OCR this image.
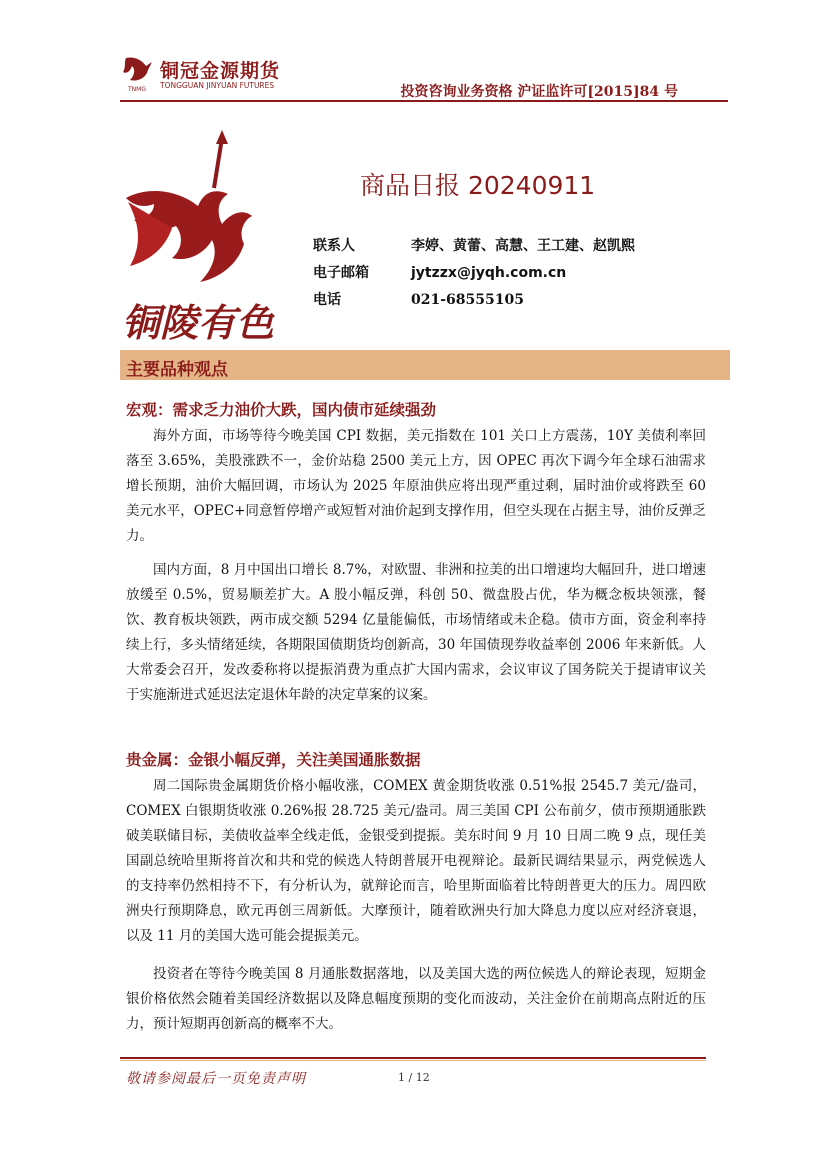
铜冠金源期货
TONGGUAN JINYUAN FUTURES
TNMG	投资咨询业务资格 沪证监许可[2015]84 号
铜陵有色
商品日报 20240911
联系人	李婷、黄蕾、高慧、王工建、赵凯熙
电子邮箱	jytzzx@jyqh.com.cn
电话	021-68555105
主要品种观点
宏观：需求乏力油价大跌，国内债市延续强劲

海外方面，市场等待今晚美国 CPI 数据，美元指数在 101 关口上方震荡，10Y 美债利率回落至 3.65%，美股涨跌不一，金价站稳 2500 美元上方，因 OPEC 再次下调今年全球石油需求增长预期，油价大幅回调，市场认为 2025 年原油供应将出现严重过剩，届时油价或将跌至 60 美元水平，OPEC+同意暂停增产或短暂对油价起到支撑作用，但空头现在占据主导，油价反弹乏力。

国内方面，8 月中国出口增长 8.7%，对欧盟、非洲和拉美的出口增速均大幅回升，进口增速放缓至 0.5%，贸易顺差扩大。A 股小幅反弹，科创 50、微盘股占优，华为概念板块领涨，餐饮、教育板块领跌，两市成交额 5294 亿量能偏低，市场情绪或未企稳。债市方面，资金利率持续上行，多头情绪延续，各期限国债期货均创新高，30 年国债现券收益率创 2006 年来新低。人大常委会召开，发改委称将以提振消费为重点扩大国内需求，会议审议了国务院关于提请审议关于实施渐进式延迟法定退休年龄的决定草案的议案。

贵金属：金银小幅反弹，关注美国通胀数据

周二国际贵金属期货价格小幅收涨，COMEX 黄金期货收涨 0.51%报 2545.7 美元/盎司，COMEX 白银期货收涨 0.26%报 28.725 美元/盎司。周三美国 CPI 公布前夕，债市预期通胀跌破美联储目标，美债收益率全线走低，金银受到提振。美东时间 9 月 10 日周二晚 9 点，现任美国副总统哈里斯将首次和共和党的候选人特朗普展开电视辩论。最新民调结果显示，两党候选人的支持率仍然相持不下，有分析认为，就辩论而言，哈里斯面临着比特朗普更大的压力。周四欧洲央行预期降息，欧元再创三周新低。大摩预计，随着欧洲央行加大降息力度以应对经济衰退，以及 11 月的美国大选可能会提振美元。

投资者在等待今晚美国 8 月通胀数据落地，以及美国大选的两位候选人的辩论表现，短期金银价格依然会随着美国经济数据以及降息幅度预期的变化而波动，关注金价在前期高点附近的压力，预计短期再创新高的概率不大。

敬请参阅最后一页免责声明	1 / 12
